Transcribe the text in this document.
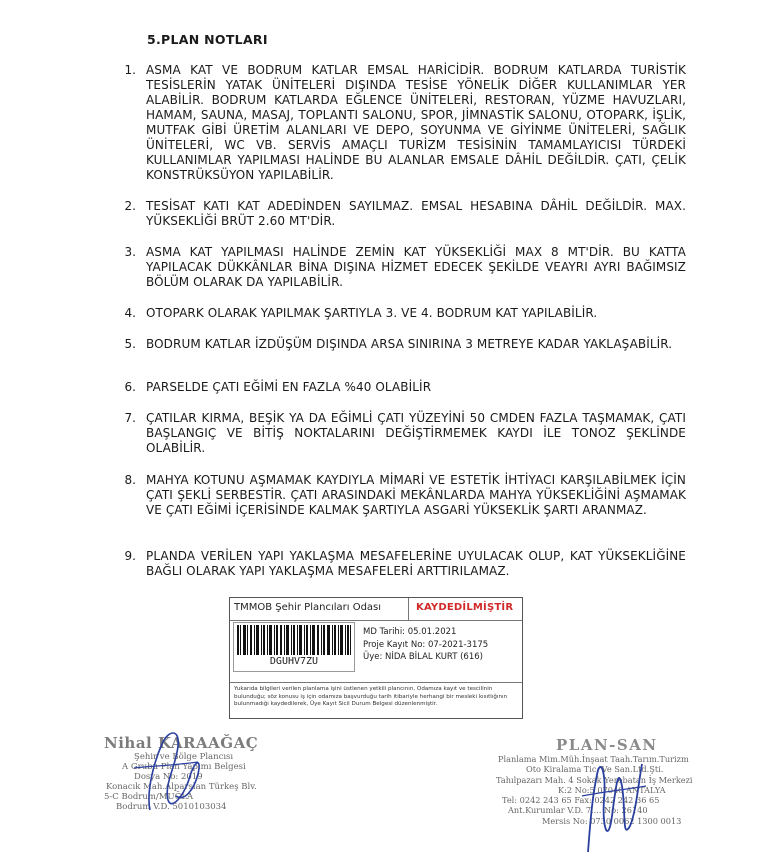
5.PLAN NOTLARI
1. ASMA KAT VE BODRUM KATLAR EMSAL HARİCİDİR. BODRUM KATLARDA TURİSTİK TESİSLERİN YATAK ÜNİTELERİ DIŞINDA TESİSE YÖNELİK DİĞER KULLANIMLAR YER ALABİLİR. BODRUM KATLARDA EĞLENCE ÜNİTELERİ, RESTORAN, YÜZME HAVUZLARI, HAMAM, SAUNA, MASAJ, TOPLANTI SALONU, SPOR, JİMNASTİK SALONU, OTOPARK, İŞLİK, MUTFAK GİBİ ÜRETİM ALANLARI VE DEPO, SOYUNMA VE GİYİNME ÜNİTELERİ, SAĞLIK ÜNİTELERİ, WC VB. SERVİS AMAÇLI TURİZM TESİSİNİN TAMAMLAYICISI TÜRDEKİ KULLANIMLAR YAPILMASI HALİNDE BU ALANLAR EMSALE DÂHİL DEĞİLDİR. ÇATI, ÇELİK KONSTRÜKSÜYON YAPILABİLİR.
2. TESİSAT KATI KAT ADEDİNDEN SAYILMAZ. EMSAL HESABINA DÂHİL DEĞİLDİR. MAX. YÜKSEKLİĞİ BRÜT 2.60 MT'DİR.
3. ASMA KAT YAPILMASI HALİNDE ZEMİN KAT YÜKSEKLİĞİ MAX 8 MT'DİR. BU KATTA YAPILACAK DÜKKÂNLAR BİNA DIŞINA HİZMET EDECEK ŞEKİLDE VEAYRI AYRI BAĞIMSIZ BÖLÜM OLARAK DA YAPILABİLİR.
4. OTOPARK OLARAK YAPILMAK ŞARTIYLA 3. VE 4. BODRUM KAT YAPILABİLİR.
5. BODRUM KATLAR İZDÜŞÜM DIŞINDA ARSA SINIRINA 3 METREYE KADAR YAKLAŞABİLİR.
6. PARSELDE ÇATI EĞİMİ EN FAZLA %40 OLABİLİR
7. ÇATILAR KIRMA, BEŞİK YA DA EĞİMLİ ÇATI YÜZEYİNİ 50 CMDEN FAZLA TAŞMAMAK, ÇATI BAŞLANGIÇ VE BİTİŞ NOKTALARINI DEĞİŞTİRMEMEK KAYDI İLE TONOZ ŞEKLİNDE OLABİLİR.
8. MAHYA KOTUNU AŞMAMAK KAYDIYLA MİMARİ VE ESTETİK İHTİYACI KARŞILABİLMEK İÇİN ÇATI ŞEKLİ SERBESTİR. ÇATI ARASINDAKİ MEKÂNLARDA MAHYA YÜKSEKLİĞİNİ AŞMAMAK VE ÇATI EĞİMİ İÇERİSİNDE KALMAK ŞARTIYLA ASGARİ YÜKSEKLİK ŞARTI ARANMAZ.
9. PLANDA VERİLEN YAPI YAKLAŞMA MESAFELERİNE UYULACAK OLUP, KAT YÜKSEKLİĞİNE BAĞLI OLARAK YAPI YAKLAŞMA MESAFELERİ ARTTIRILAMAZ.
TMMOB Şehir Plancıları Odası	KAYDEDİLMİŞTİR
DGUHV7ZU
MD Tarihi: 05.01.2021
Proje Kayıt No: 07-2021-3175
Üye: NİDA BİLAL KURT (616)
Yukarıda bilgileri verilen planlama işini üstlenen yetkili plancının, Odamıza kayıt ve tescilinin bulunduğu; söz konusu iş için odamıza başvurduğu tarih itibariyle herhangi bir mesleki kısıtlığının bulunmadığı kaydedilerek, Üye Kayıt Sicil Durum Belgesi düzenlenmiştir.
Nihal KARAAĞAÇ
Şehir ve Bölge Plancısı
A Grubu Plan Yapımı Belgesi
Dosya No: 2019
Konacık Mah.Alparslan Türkeş Blv.
5-C Bodrum/MUĞLA
Bodrum V.D. 5010103034
PLAN-SAN
Planlama Mim.Müh.İnşaat Taah.Tarım.Turizm
Oto Kiralama Tic. Ve San.Ltd.Şti.
Tahılpazarı Mah. 4 Sokak Yerebatan İş Merkezi
K:2 No:5 07040 ANTALYA
Tel: 0242 243 65 Fax: 0242 242 36 65
Ant.Kurumlar V.D. 7.... No: 26140
Mersis No: 0730 0062 1300 0013
